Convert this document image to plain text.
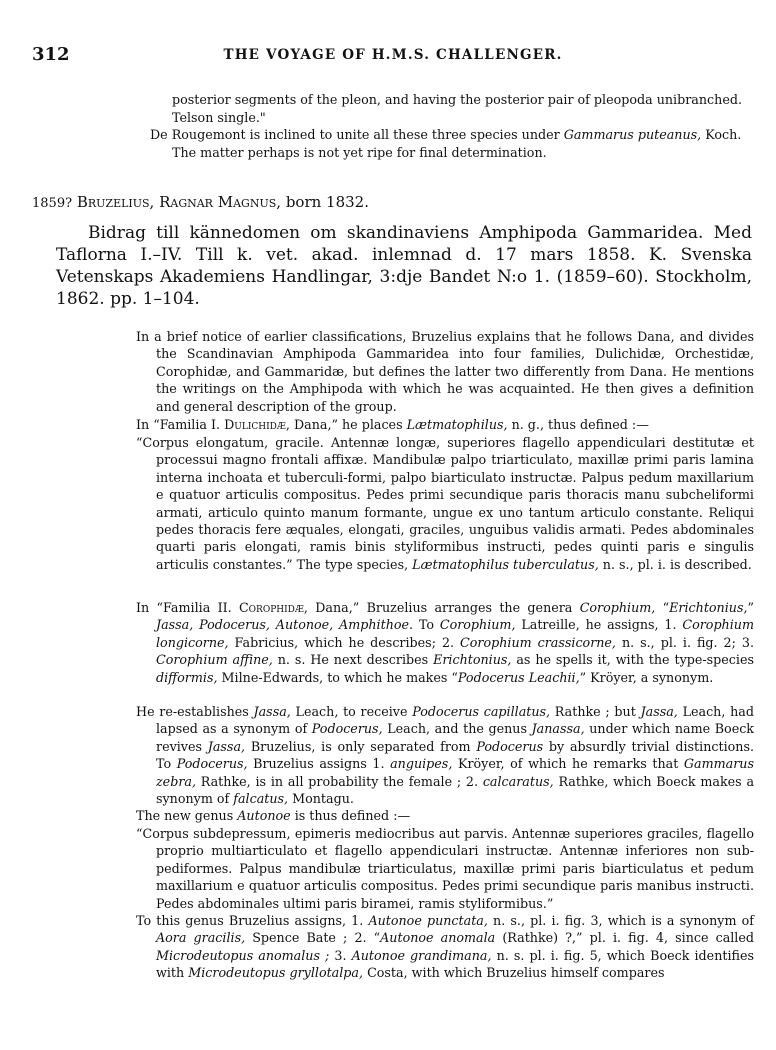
312	THE VOYAGE OF H.M.S. CHALLENGER.

posterior segments of the pleon, and having the posterior pair of pleopoda unibranched.

Telson single."

De Rougemont is inclined to unite all these three species under Gammarus puteanus, Koch.
The matter perhaps is not yet ripe for final determination.

1859? Bruzelius, Ragnar Magnus, born 1832.
Bidrag till kännedomen om skandinaviens Amphipoda Gammaridea. Med
Taflorna I.–IV. Till k. vet. akad. inlemnad d. 17 mars 1858. K. Svenska
Vetenskaps Akademiens Handlingar, 3:dje Bandet N:o 1. (1859–60). Stockholm,
1862. pp. 1–104.

In a brief notice of earlier classifications, Bruzelius explains that he follows Dana, and divides the Scandinavian Amphipoda Gammaridea into four families, Dulichidæ, Orchestidæ, Corophidæ, and Gammaridæ, but defines the latter two differently from Dana. He mentions the writings on the Amphipoda with which he was acquainted. He then gives a definition and general description of the group.

In “Familia I. Dulichidæ, Dana,” he places Lætmatophilus, n. g., thus defined :—

“Corpus elongatum, gracile. Antennæ longæ, superiores flagello appendiculari destitutæ et processui magno frontali affixæ. Mandibulæ palpo triarticulato, maxillæ primi paris lamina interna inchoata et tuberculi-formi, palpo biarticulato instructæ. Palpus pedum maxillarium e quatuor articulis compositus. Pedes primi secundique paris thoracis manu subcheliformi armati, articulo quinto manum formante, ungue ex uno tantum articulo constante. Reliqui pedes thoracis fere æquales, elongati, graciles, unguibus validis armati. Pedes abdominales quarti paris elongati, ramis binis styliformibus instructi, pedes quinti paris e singulis articulis constantes.” The type species, Lætmatophilus tuberculatus, n. s., pl. i. is described.

In “Familia II. Corophidæ, Dana,” Bruzelius arranges the genera Corophium, “Erichtonius,” Jassa, Podocerus, Autonoe, Amphithoe. To Corophium, Latreille, he assigns, 1. Corophium longicorne, Fabricius, which he describes; 2. Corophium crassicorne, n. s., pl. i. fig. 2; 3. Corophium affine, n. s. He next describes Erichtonius, as he spells it, with the type-species difformis, Milne-Edwards, to which he makes “Podocerus Leachii,” Kröyer, a synonym.

He re-establishes Jassa, Leach, to receive Podocerus capillatus, Rathke ; but Jassa, Leach, had lapsed as a synonym of Podocerus, Leach, and the genus Janassa, under which name Boeck revives Jassa, Bruzelius, is only separated from Podocerus by absurdly trivial distinctions. To Podocerus, Bruzelius assigns 1. anguipes, Kröyer, of which he remarks that Gammarus zebra, Rathke, is in all probability the female ; 2. calcaratus, Rathke, which Boeck makes a synonym of falcatus, Montagu.

The new genus Autonoe is thus defined :—

“Corpus subdepressum, epimeris mediocribus aut parvis. Antennæ superiores graciles, flagello proprio multiarticulato et flagello appendiculari instructæ. Antennæ inferiores non sub-pediformes. Palpus mandibulæ triarticulatus, maxillæ primi paris biarticulatus et pedum maxillarium e quatuor articulis compositus. Pedes primi secundique paris manibus instructi. Pedes abdominales ultimi paris biramei, ramis styliformibus.”

To this genus Bruzelius assigns, 1. Autonoe punctata, n. s., pl. i. fig. 3, which is a synonym of Aora gracilis, Spence Bate ; 2. “Autonoe anomala (Rathke) ?,” pl. i. fig. 4, since called Microdeutopus anomalus ; 3. Autonoe grandimana, n. s. pl. i. fig. 5, which Boeck identifies with Microdeutopus gryllotalpa, Costa, with which Bruzelius himself compares
